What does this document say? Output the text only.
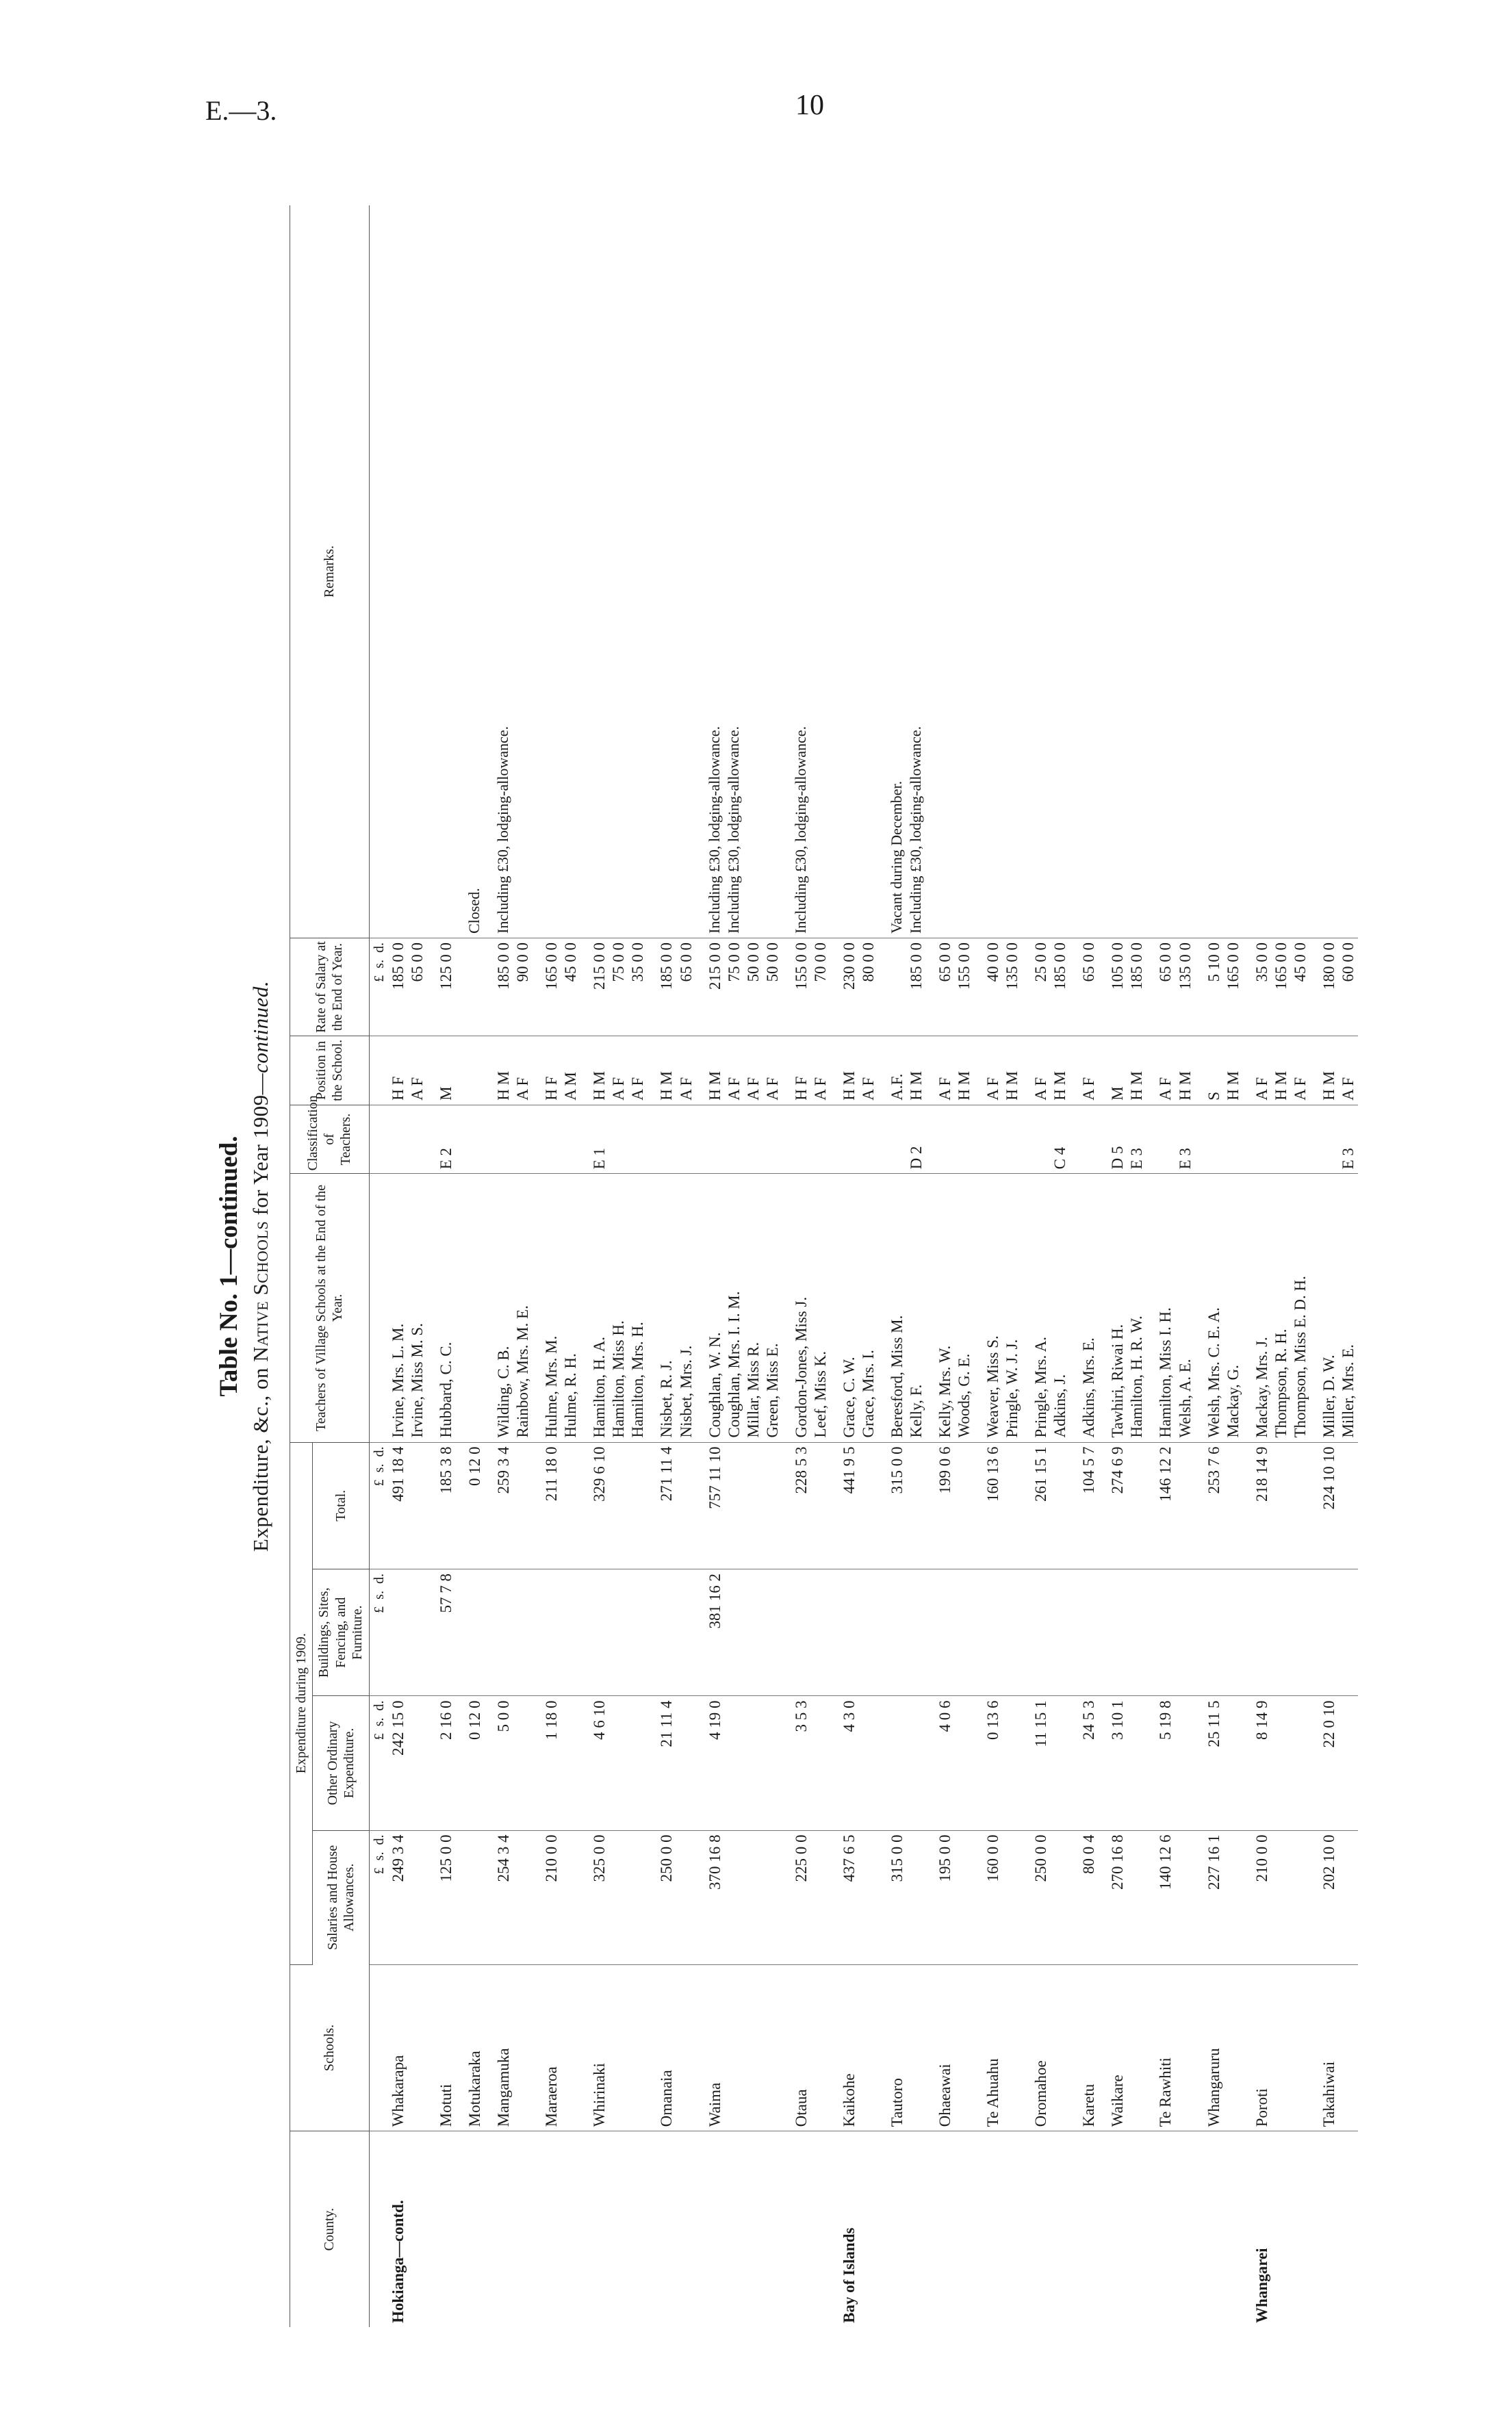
E.—3.	10
Table No. 1—continued.
Expenditure, &c., on Native Schools for Year 1909—continued.
County.	Schools.	Expenditure during 1909.				Teachers of Village Schools at the End of the Year.	Classification of Teachers.	Position in the School.	Rate of Salary at the End of Year.	Remarks.
		Salaries and House Allowances.	Other Ordinary Expenditure.	Buildings, Sites, Fencing, and Furniture.	Total.					
		£  s.  d.	£  s.  d.	£  s.  d.	£  s.  d.				£  s.  d.	
Hokianga—contd.	Whakarapa	249 3 4	242 15 0		491 18 4	Irvine, Mrs. L. M.		H F	185 0 0	
						Irvine, Miss M. S.		A F	65 0 0	
	Motuti	125 0 0	2 16 0	57 7 8	185 3 8	Hubbard, C. C.	E 2	M	125 0 0	
	Motukaraka		0 12 0		0 12 0					Closed.
	Mangamuka	254 3 4	5 0 0		259 3 4	Wilding, C. B.		H M	185 0 0	Including £30, lodging-allowance.
						Rainbow, Mrs. M. E.		A F	90 0 0	
	Maraeroa	210 0 0	1 18 0		211 18 0	Hulme, Mrs. M.		H F	165 0 0	
						Hulme, R. H.		A M	45 0 0	
	Whirinaki	325 0 0	4 6 10		329 6 10	Hamilton, H. A.	E 1	H M	215 0 0	
						Hamilton, Miss H.		A F	75 0 0	
						Hamilton, Mrs. H.		A F	35 0 0	
	Omanaia	250 0 0	21 11 4		271 11 4	Nisbet, R. J.		H M	185 0 0	
						Nisbet, Mrs. J.		A F	65 0 0	
	Waima	370 16 8	4 19 0	381 16 2	757 11 10	Coughlan, W. N.		H M	215 0 0	Including £30, lodging-allowance.
						Coughlan, Mrs. I. I. M.		A F	75 0 0	Including £30, lodging-allowance.
						Millar, Miss R.		A F	50 0 0	
						Green, Miss E.		A F	50 0 0	
	Otaua	225 0 0	3 5 3		228 5 3	Gordon-Jones, Miss J.		H F	155 0 0	Including £30, lodging-allowance.
						Leef, Miss K.		A F	70 0 0	
Bay of Islands	Kaikohe	437 6 5	4 3 0		441 9 5	Grace, C. W.		H M	230 0 0	
						Grace, Mrs. I.		A F	80 0 0	
	Tautoro	315 0 0			315 0 0	Beresford, Miss M.		A.F.		Vacant during December.
						Kelly, F.	D 2	H M	185 0 0	Including £30, lodging-allowance.
	Ohaeawai	195 0 0	4 0 6		199 0 6	Kelly, Mrs. W.		A F	65 0 0	
						Woods, G. E.		H M	155 0 0	
	Te Ahuahu	160 0 0	0 13 6		160 13 6	Weaver, Miss S.		A F	40 0 0	
						Pringle, W. J. J.		H M	135 0 0	
	Oromahoe	250 0 0	11 15 1		261 15 1	Pringle, Mrs. A.		A F	25 0 0	
						Adkins, J.	C 4	H M	185 0 0	
	Karetu	80 0 4	24 5 3		104 5 7	Adkins, Mrs. E.		A F	65 0 0	
	Waikare	270 16 8	3 10 1		274 6 9	Tawhiri, Riwai H.	D 5	M	105 0 0	
						Hamilton, H. R. W.	E 3	H M	185 0 0	
	Te Rawhiti	140 12 6	5 19 8		146 12 2	Hamilton, Miss I. H.		A F	65 0 0	
						Welsh, A. E.	E 3	H M	135 0 0	
	Whangaruru	227 16 1	25 11 5		253 7 6	Welsh, Mrs. C. E. A.		S	5 10 0	
						Mackay, G.		H M	165 0 0	
Whangarei	Poroti	210 0 0	8 14 9		218 14 9	Mackay, Mrs. J.		A F	35 0 0	
						Thompson, R. H.		H M	165 0 0	
						Thompson, Miss E. D. H.		A F	45 0 0	
	Takahiwai	202 10 0	22 0 10		224 10 10	Miller, D. W.		H M	180 0 0	
						Miller, Mrs. E.	E 3	A F	60 0 0	
